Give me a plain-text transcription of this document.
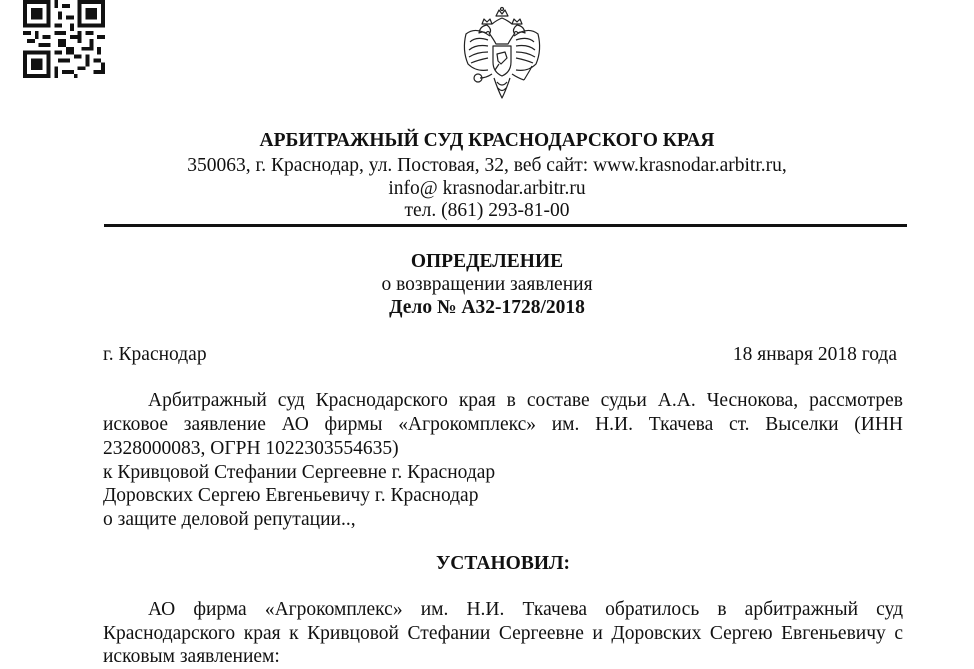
АРБИТРАЖНЫЙ СУД КРАСНОДАРСКОГО КРАЯ
350063, г. Краснодар, ул. Постовая, 32, веб сайт: www.krasnodar.arbitr.ru,
info@ krasnodar.arbitr.ru
тел. (861) 293-81-00
ОПРЕДЕЛЕНИЕ
о возвращении заявления
Дело № А32-1728/2018
г. Краснодар	18 января 2018 года
Арбитражный суд Краснодарского края в составе судьи А.А. Чеснокова, рассмотрев
исковое заявление АО фирмы «Агрокомплекс» им. Н.И. Ткачева ст. Выселки (ИНН
2328000083, ОГРН 1022303554635)
к Кривцовой Стефании Сергеевне г. Краснодар
Доровских Сергею Евгеньевичу г. Краснодар
о защите деловой репутации..,
УСТАНОВИЛ:
АО фирма «Агрокомплекс» им. Н.И. Ткачева обратилось в арбитражный суд
Краснодарского края к Кривцовой Стефании Сергеевне и Доровских Сергею Евгеньевичу с
исковым заявлением:
